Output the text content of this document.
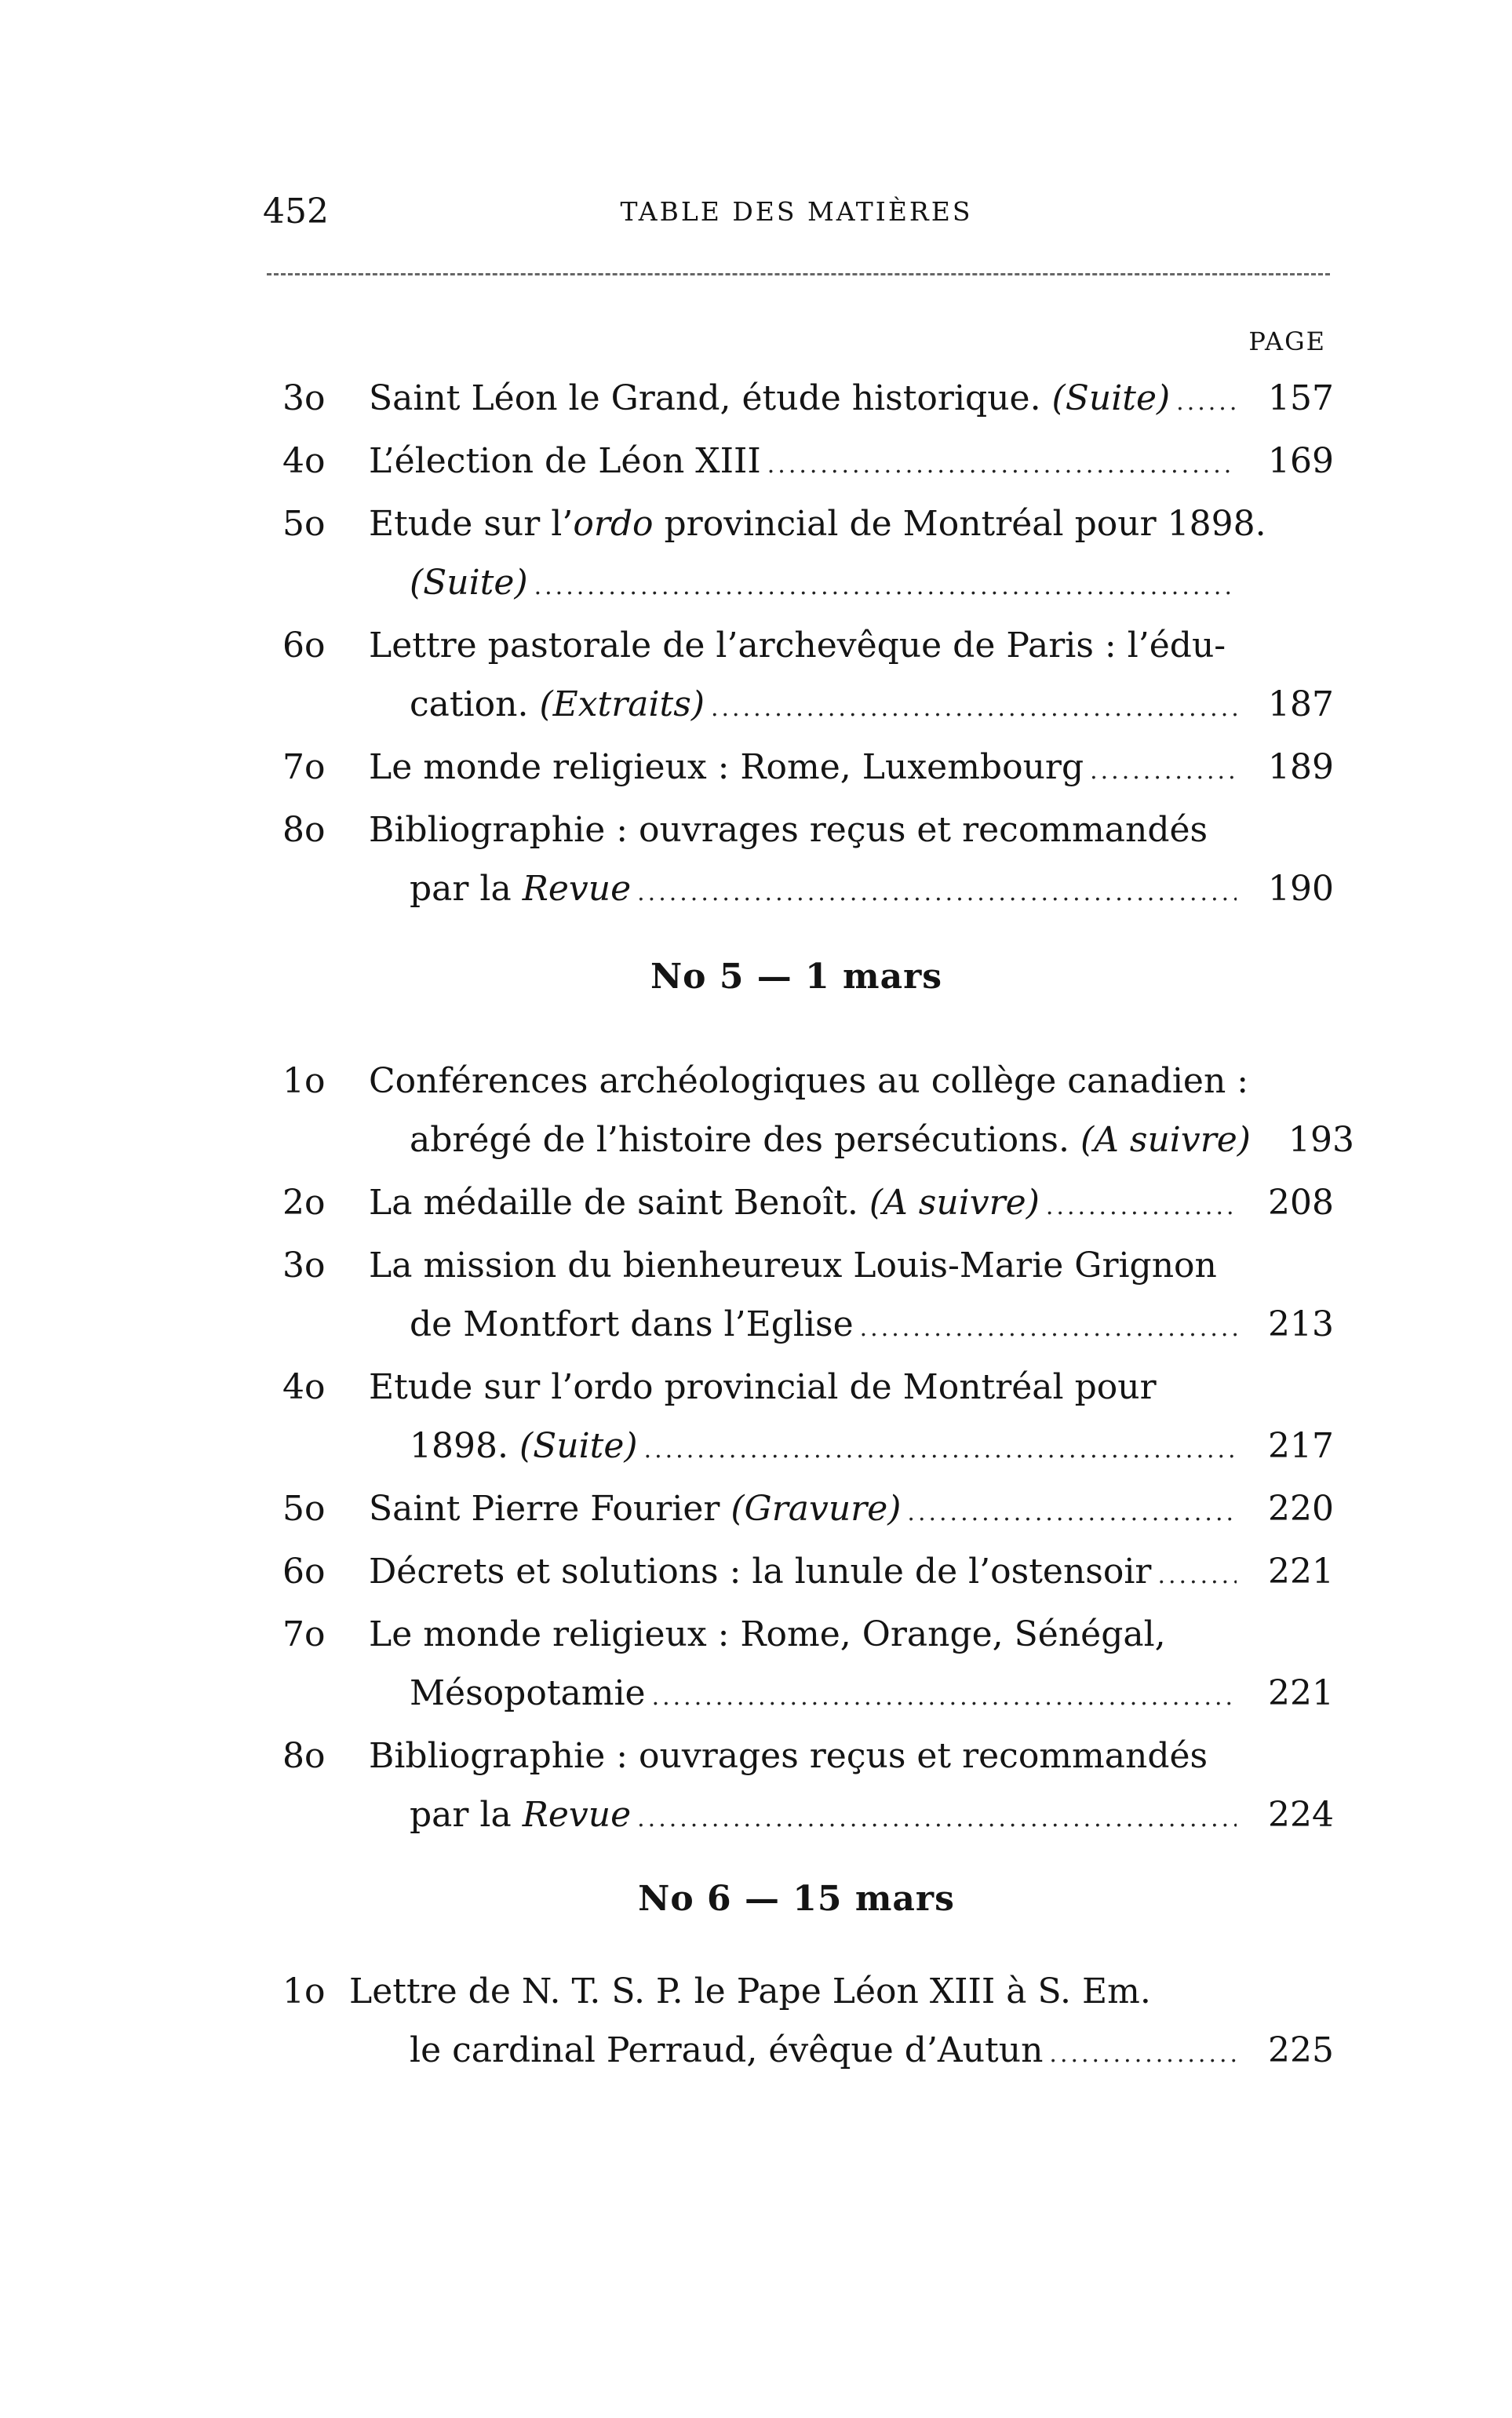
452	TABLE DES MATIÈRES
PAGE
3o	Saint Léon le Grand, étude historique. (Suite) .....	157
4o	L’élection de Léon XIII .....	169
5o	Etude sur l’ordo provincial de Montréal pour 1898.
(Suite)
.....
6o	Lettre pastorale de l’archevêque de Paris : l’édu-
cation. (Extraits) .....	187
7o	Le monde religieux : Rome, Luxembourg .....	189
8o	Bibliographie : ouvrages reçus et recommandés
par la Revue .....	190
No 5 — 1 mars
1o	Conférences archéologiques au collège canadien :
abrégé de l’histoire des persécutions. (A suivre)	193
2o	La médaille de saint Benoît. (A suivre) .....	208
3o	La mission du bienheureux Louis-Marie Grignon
de Montfort dans l’Eglise .....	213
4o	Etude sur l’ordo provincial de Montréal pour
1898. (Suite) .....	217
5o	Saint Pierre Fourier (Gravure) .....	220
6o	Décrets et solutions : la lunule de l’ostensoir .....	221
7o	Le monde religieux : Rome, Orange, Sénégal,
Mésopotamie .....	221
8o	Bibliographie : ouvrages reçus et recommandés
par la Revue .....	224
No 6 — 15 mars
1o Lettre de N. T. S. P. le Pape Léon XIII à S. Em.
le cardinal Perraud, évêque d’Autun .....	225
